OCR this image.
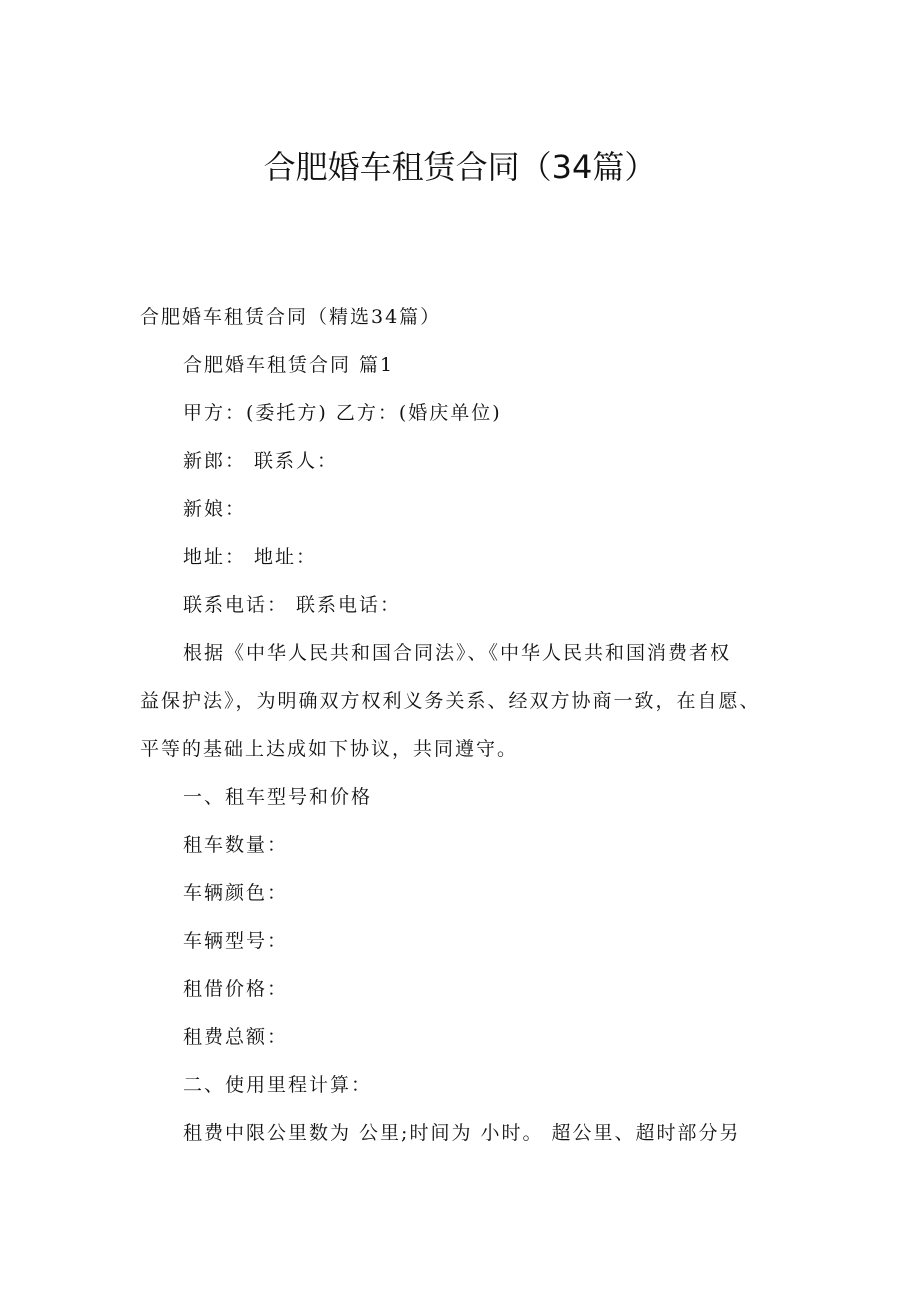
合肥婚车租赁合同（34篇）
合肥婚车租赁合同（精选34篇）
合肥婚车租赁合同 篇1
甲方：(委托方) 乙方：(婚庆单位)
新郎： 联系人：
新娘：
地址： 地址：
联系电话： 联系电话：
根据《中华人民共和国合同法》、《中华人民共和国消费者权
益保护法》，为明确双方权利义务关系、经双方协商一致，在自愿、
平等的基础上达成如下协议，共同遵守。
一、租车型号和价格
租车数量：
车辆颜色：
车辆型号：
租借价格：
租费总额：
二、使用里程计算：
租费中限公里数为 公里;时间为 小时。 超公里、超时部分另
